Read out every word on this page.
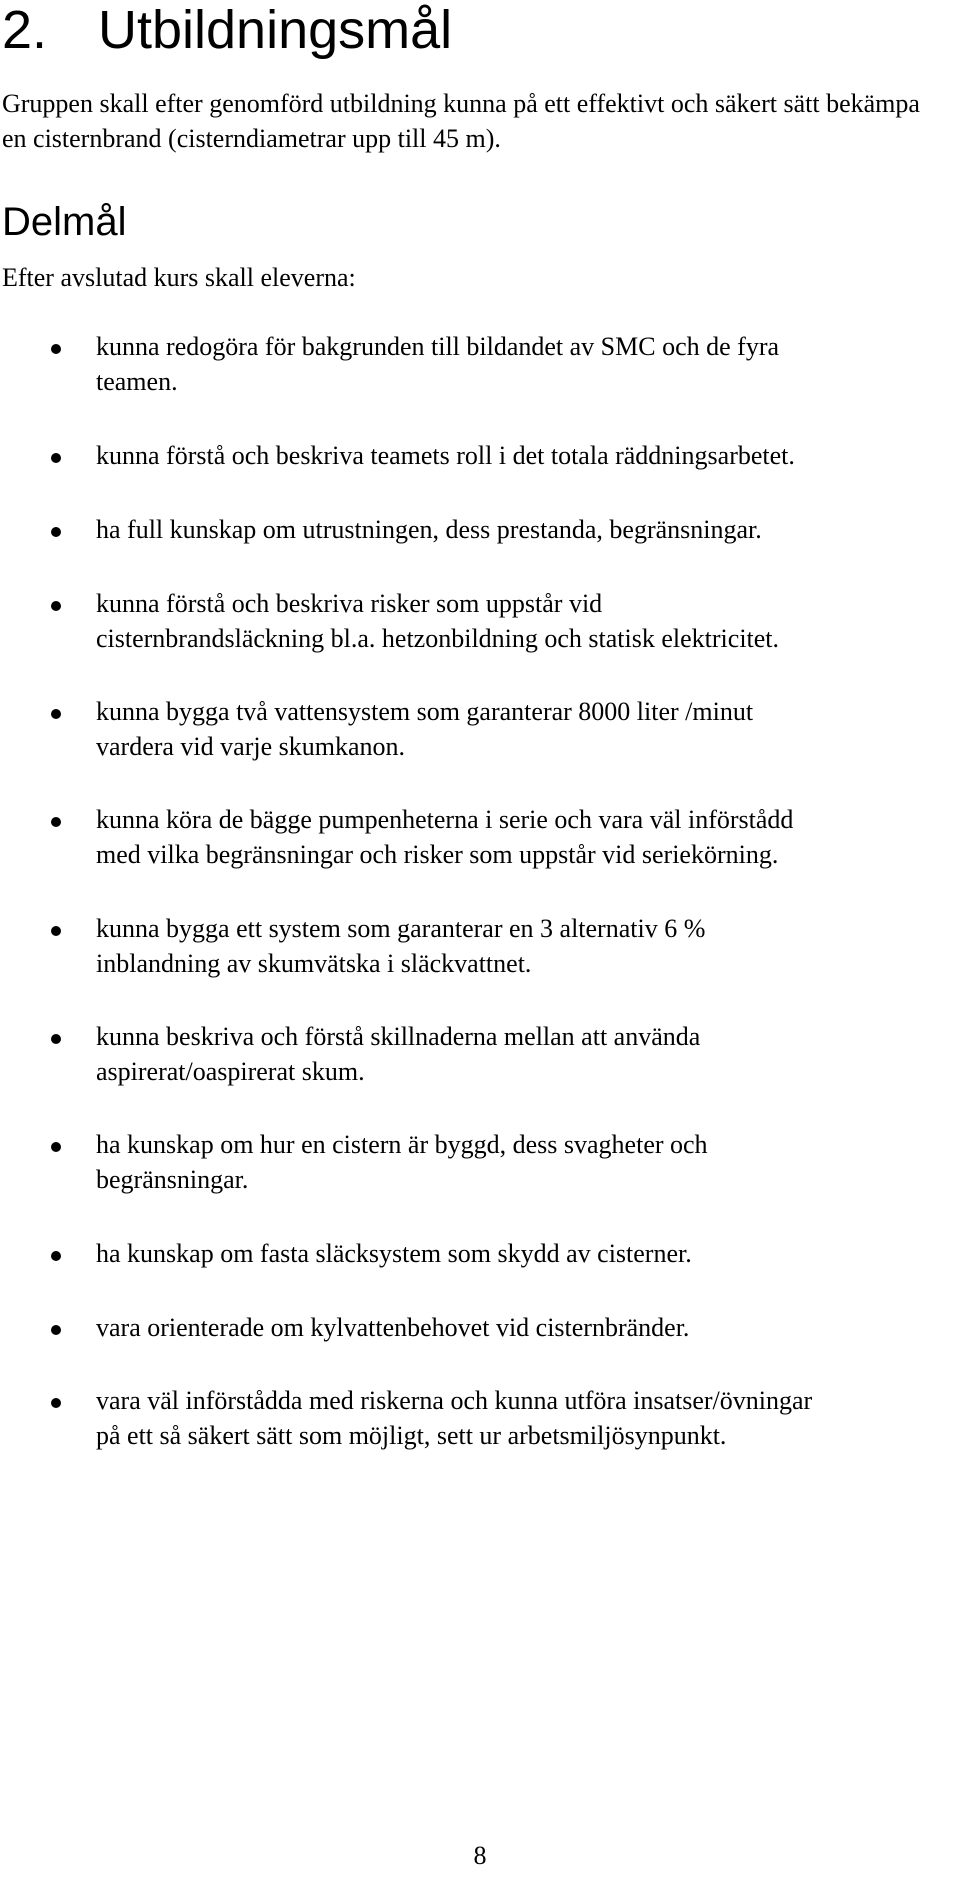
2. Utbildningsmål

Gruppen skall efter genomförd utbildning kunna på ett effektivt och säkert sätt bekämpa en cisternbrand (cisterndiametrar upp till 45 m).

Delmål

Efter avslutad kurs skall eleverna:

kunna redogöra för bakgrunden till bildandet av SMC och de fyra
teamen.
kunna förstå och beskriva teamets roll i det totala räddningsarbetet.
ha full kunskap om utrustningen, dess prestanda, begränsningar.
kunna förstå och beskriva risker som uppstår vid
cisternbrandsläckning bl.a. hetzonbildning och statisk elektricitet.
kunna bygga två vattensystem som garanterar 8000 liter /minut
vardera vid varje skumkanon.
kunna köra de bägge pumpenheterna i serie och vara väl införstådd
med vilka begränsningar och risker som uppstår vid seriekörning.
kunna bygga ett system som garanterar en 3 alternativ 6 %
inblandning av skumvätska i släckvattnet.
kunna beskriva och förstå skillnaderna mellan att använda
aspirerat/oaspirerat skum.
ha kunskap om hur en cistern är byggd, dess svagheter och
begränsningar.
ha kunskap om fasta släcksystem som skydd av cisterner.
vara orienterade om kylvattenbehovet vid cisternbränder.
vara väl införstådda med riskerna och kunna utföra insatser/övningar
på ett så säkert sätt som möjligt, sett ur arbetsmiljösynpunkt.

8
